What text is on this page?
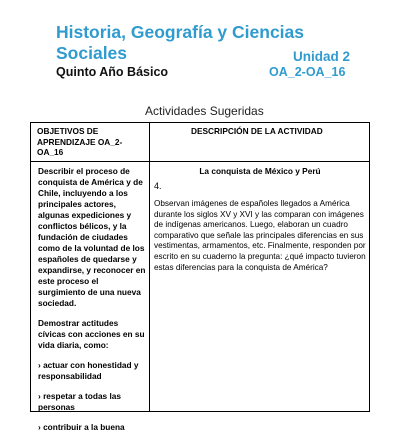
Historia, Geografía y Ciencias
Sociales	Unidad 2
Quinto Año Básico	OA_2-OA_16
Actividades Sugeridas
OBJETIVOS DE APRENDIZAJE OA_2-OA_16
DESCRIPCIÓN DE LA ACTIVIDAD

Describir el proceso de conquista de América y de Chile, incluyendo a los principales actores, algunas expediciones y conflictos bélicos, y la fundación de ciudades como de la voluntad de los españoles de quedarse y expandirse, y reconocer en este proceso el surgimiento de una nueva sociedad.

Demostrar actitudes cívicas con acciones en su vida diaria, como:

› actuar con honestidad y responsabilidad

› respetar a todas las personas

› contribuir a la buena

La conquista de México y Perú
4.
Observan imágenes de españoles llegados a América durante los siglos XV y XVI y las comparan con imágenes de indígenas americanos. Luego, elaboran un cuadro comparativo que señale las principales diferencias en sus vestimentas, armamentos, etc. Finalmente, responden por escrito en su cuaderno la pregunta: ¿qué impacto tuvieron estas diferencias para la conquista de América?
